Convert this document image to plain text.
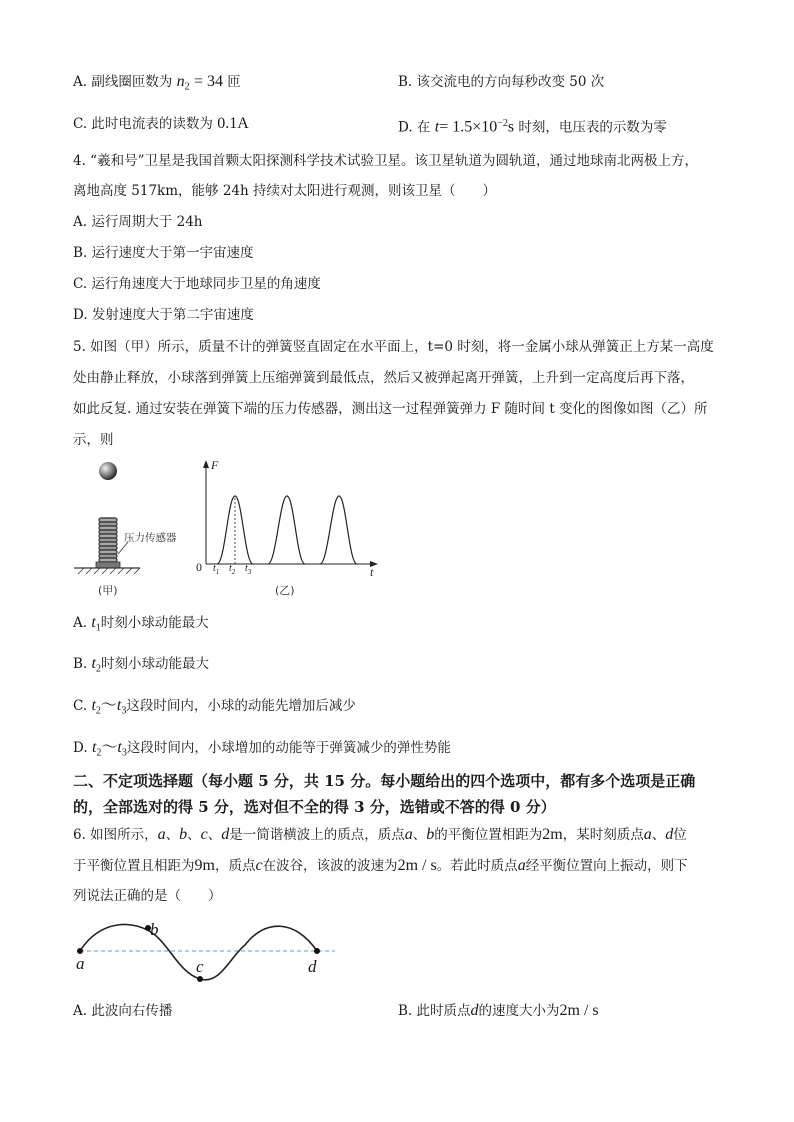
A. 副线圈匝数为 $n_2 = 34$ 匝	B. 该交流电的方向每秒改变 50 次
C. 此时电流表的读数为 0.1A	D. 在 $t= 1.5\times 10^{-2}s$ 时刻，电压表的示数为零
4. “羲和号”卫星是我国首颗太阳探测科学技术试验卫星。该卫星轨道为圆轨道，通过地球南北两极上方，
离地高度 517km，能够 24h 持续对太阳进行观测，则该卫星（　　）
A. 运行周期大于 24h
B. 运行速度大于第一宇宙速度
C. 运行角速度大于地球同步卫星的角速度
D. 发射速度大于第二宇宙速度
5. 如图（甲）所示，质量不计的弹簧竖直固定在水平面上，t=0 时刻，将一金属小球从弹簧正上方某一高度
处由静止释放，小球落到弹簧上压缩弹簧到最低点，然后又被弹起离开弹簧，上升到一定高度后再下落，
如此反复. 通过安装在弹簧下端的压力传感器，测出这一过程弹簧弹力 F 随时间 t 变化的图像如图（乙）所
示，则
压力传感器
(甲)
F
t
0 $t_1$ $t_2$ $t_3$
(乙)
A. $t_1$时刻小球动能最大
B. $t_2$时刻小球动能最大
C. $t_2\sim t_3$这段时间内，小球的动能先增加后减少
D. $t_2\sim t_3$这段时间内，小球增加的动能等于弹簧减少的弹性势能
二、不定项选择题（每小题 5 分，共 15 分。每小题给出的四个选项中，都有多个选项是正确
的，全部选对的得 5 分，选对但不全的得 3 分，选错或不答的得 0 分）
6. 如图所示，a、b、c、d是一简谐横波上的质点，质点a、b的平衡位置相距为2m，某时刻质点a、d位
于平衡位置且相距为9m，质点c在波谷，该波的波速为2m / s。若此时质点a经平衡位置向上振动，则下
列说法正确的是（　　）
a
b
c	d
A. 此波向右传播	B. 此时质点d的速度大小为2m / s
